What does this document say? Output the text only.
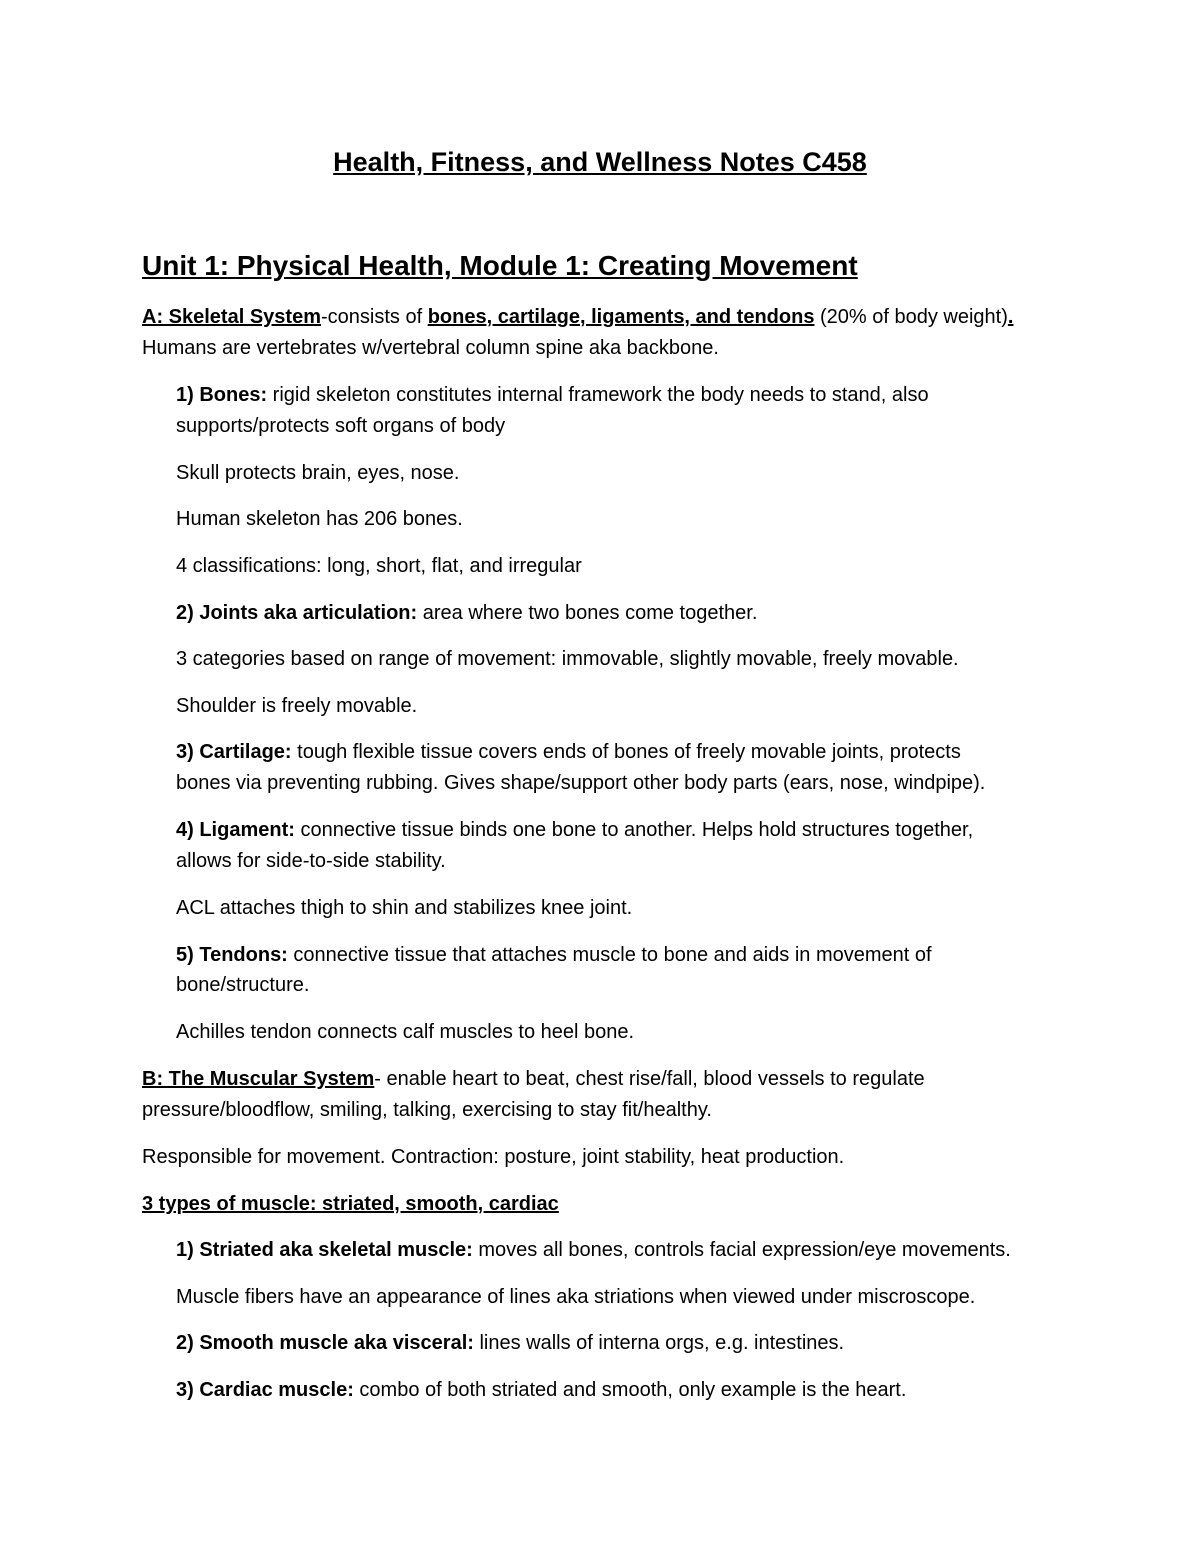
Health, Fitness, and Wellness Notes C458
Unit 1: Physical Health, Module 1: Creating Movement

A: Skeletal System-consists of bones, cartilage, ligaments, and tendons (20% of body weight).

Humans are vertebrates w/vertebral column spine aka backbone.

1) Bones: rigid skeleton constitutes internal framework the body needs to stand, also

supports/protects soft organs of body

Skull protects brain, eyes, nose.

Human skeleton has 206 bones.

4 classifications: long, short, flat, and irregular

2) Joints aka articulation: area where two bones come together.

3 categories based on range of movement: immovable, slightly movable, freely movable.

Shoulder is freely movable.

3) Cartilage: tough flexible tissue covers ends of bones of freely movable joints, protects

bones via preventing rubbing. Gives shape/support other body parts (ears, nose, windpipe).

4) Ligament: connective tissue binds one bone to another. Helps hold structures together,

allows for side-to-side stability.

ACL attaches thigh to shin and stabilizes knee joint.

5) Tendons: connective tissue that attaches muscle to bone and aids in movement of

bone/structure.

Achilles tendon connects calf muscles to heel bone.

B: The Muscular System- enable heart to beat, chest rise/fall, blood vessels to regulate

pressure/bloodflow, smiling, talking, exercising to stay fit/healthy.

Responsible for movement. Contraction: posture, joint stability, heat production.

3 types of muscle: striated, smooth, cardiac

1) Striated aka skeletal muscle: moves all bones, controls facial expression/eye movements.

Muscle fibers have an appearance of lines aka striations when viewed under miscroscope.

2) Smooth muscle aka visceral: lines walls of interna orgs, e.g. intestines.

3) Cardiac muscle: combo of both striated and smooth, only example is the heart.
